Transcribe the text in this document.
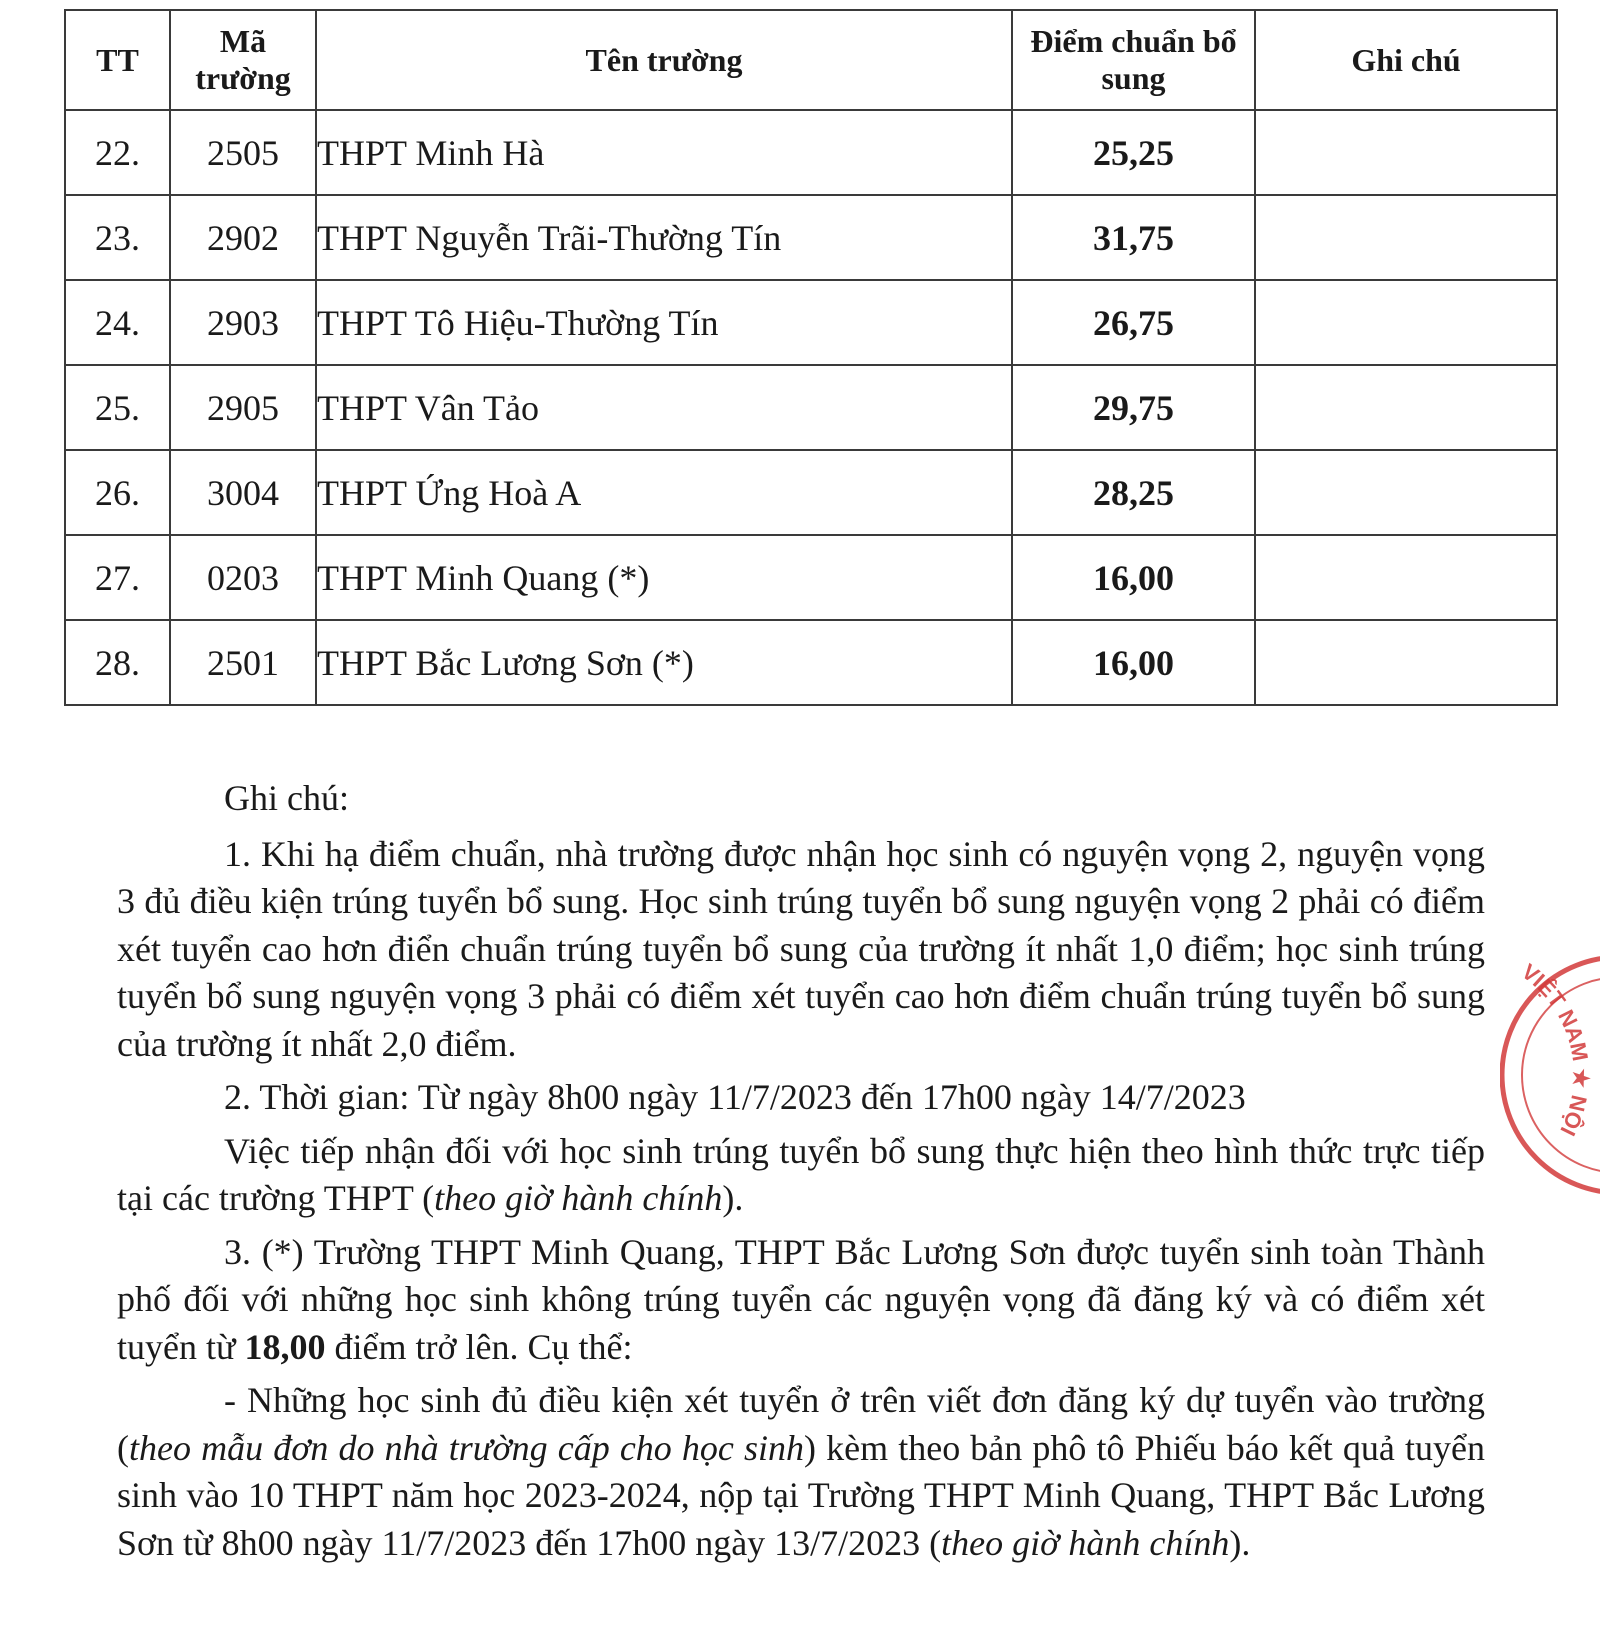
TT	Mã trường	Tên trường	Điểm chuẩn bổ sung	Ghi chú
22.	2505	THPT Minh Hà	25,25	
23.	2902	THPT Nguyễn Trãi-Thường Tín	31,75	
24.	2903	THPT Tô Hiệu-Thường Tín	26,75	
25.	2905	THPT Vân Tảo	29,75	
26.	3004	THPT Ứng Hoà A	28,25	
27.	0203	THPT Minh Quang (*)	16,00	
28.	2501	THPT Bắc Lương Sơn (*)	16,00	

Ghi chú:

1. Khi hạ điểm chuẩn, nhà trường được nhận học sinh có nguyện vọng 2, nguyện vọng 3 đủ điều kiện trúng tuyển bổ sung. Học sinh trúng tuyển bổ sung nguyện vọng 2 phải có điểm xét tuyển cao hơn điển chuẩn trúng tuyển bổ sung của trường ít nhất 1,0 điểm; học sinh trúng tuyển bổ sung nguyện vọng 3 phải có điểm xét tuyển cao hơn điểm chuẩn trúng tuyển bổ sung của trường ít nhất 2,0 điểm.

2. Thời gian: Từ ngày 8h00 ngày 11/7/2023 đến 17h00 ngày 14/7/2023

Việc tiếp nhận đối với học sinh trúng tuyển bổ sung thực hiện theo hình thức trực tiếp tại các trường THPT (theo giờ hành chính).

3. (*) Trường THPT Minh Quang, THPT Bắc Lương Sơn được tuyển sinh toàn Thành phố đối với những học sinh không trúng tuyển các nguyện vọng đã đăng ký và có điểm xét tuyển từ 18,00 điểm trở lên. Cụ thể:

- Những học sinh đủ điều kiện xét tuyển ở trên viết đơn đăng ký dự tuyển vào trường (theo mẫu đơn do nhà trường cấp cho học sinh) kèm theo bản phô tô Phiếu báo kết quả tuyển sinh vào 10 THPT năm học 2023-2024, nộp tại Trường THPT Minh Quang, THPT Bắc Lương Sơn từ 8h00 ngày 11/7/2023 đến 17h00 ngày 13/7/2023 (theo giờ hành chính).

VIỆT NAM ★ NỘI
